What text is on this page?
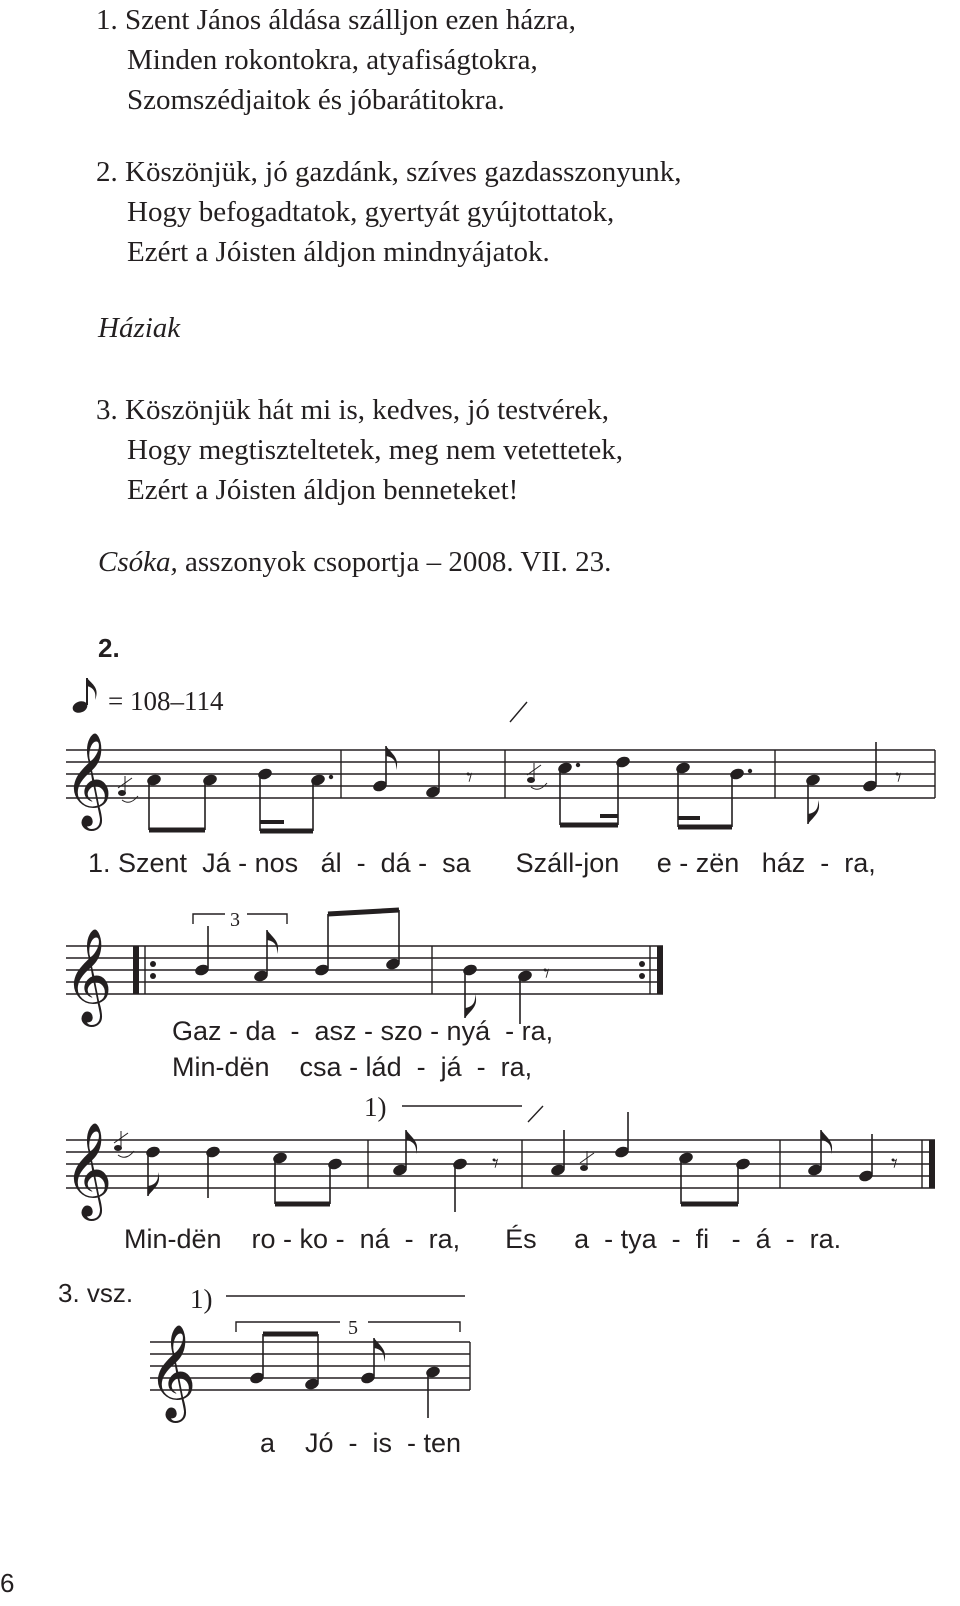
1. Szent János áldása szálljon ezen házra,
Minden rokontokra, atyafiságtokra,
Szomszédjaitok és jóbarátitokra.
2. Köszönjük, jó gazdánk, szíves gazdasszonyunk,
Hogy befogadtatok, gyertyát gyújtottatok,
Ezért a Jóisten áldjon mindnyájatok.
Háziak
3. Köszönjük hát mi is, kedves, jó testvérek,
Hogy megtiszteltetek, meg nem vetettetek,
Ezért a Jóisten áldjon benneteket!
Csóka, asszonyok csoportja – 2008. VII. 23.
2.
= 108–114
𝄞	𝄾	𝄾
1. Szent  Já - nos   ál  -  dá -  sa      Száll-jon     e - zën   ház  -  ra,
𝄞
3
𝄾
Gaz - da  -  asz - szo - nyá  - ra,
Min-dën    csa - lád  -  já  -  ra,
1)
𝄞	𝄾	𝄾
Min-dën    ro - ko -  ná  -  ra,      És     a  - tya  -  fi   -  á  -  ra.
3. vsz. 1)
5
𝄞
a    Jó  -  is  - ten
6
